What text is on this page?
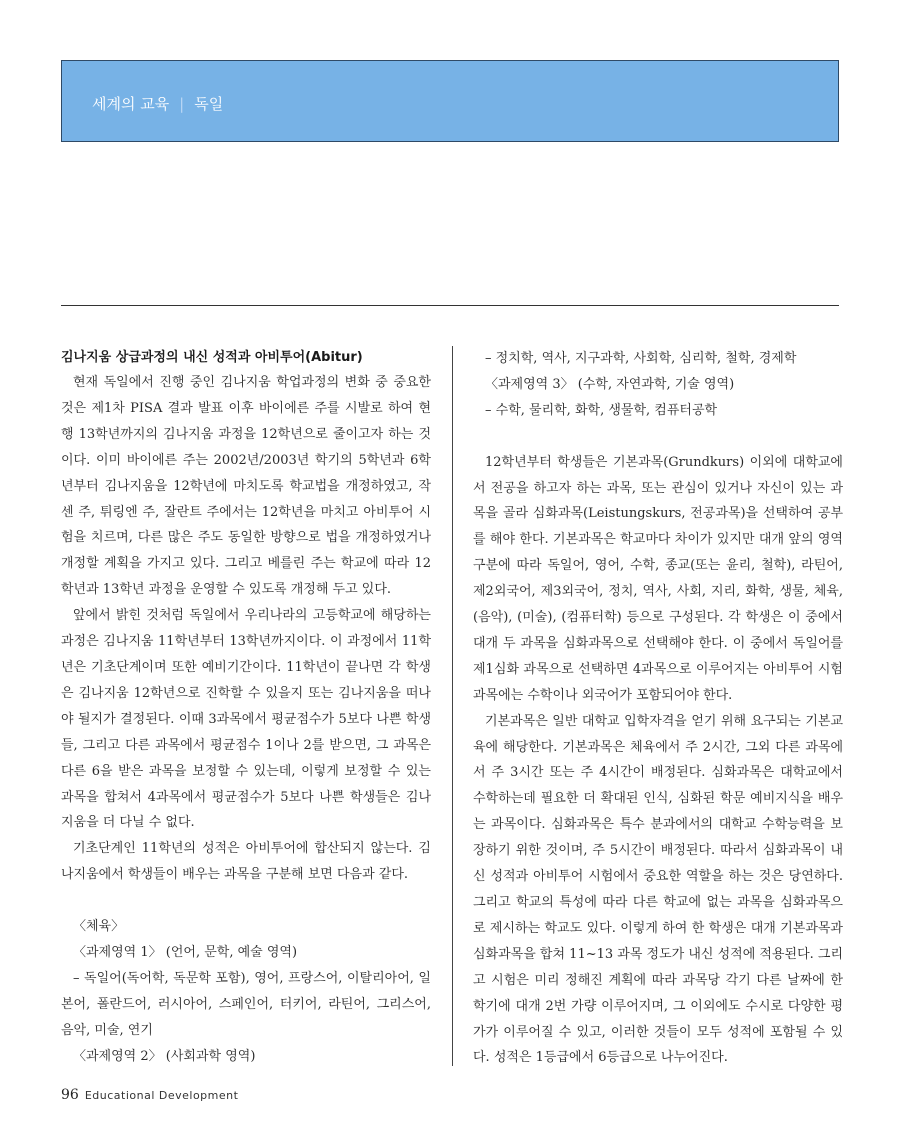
세계의 교육 | 독일
김나지움 상급과정의 내신 성적과 아비투어(Abitur)

현재 독일에서 진행 중인 김나지움 학업과정의 변화 중 중요한 것은 제1차 PISA 결과 발표 이후 바이에른 주를 시발로 하여 현행 13학년까지의 김나지움 과정을 12학년으로 줄이고자 하는 것이다. 이미 바이에른 주는 2002년/2003년 학기의 5학년과 6학년부터 김나지움을 12학년에 마치도록 학교법을 개정하였고, 작센 주, 튀링엔 주, 잘란트 주에서는 12학년을 마치고 아비투어 시험을 치르며, 다른 많은 주도 동일한 방향으로 법을 개정하였거나 개정할 계획을 가지고 있다. 그리고 베를린 주는 학교에 따라 12학년과 13학년 과정을 운영할 수 있도록 개정해 두고 있다.

앞에서 밝힌 것처럼 독일에서 우리나라의 고등학교에 해당하는 과정은 김나지움 11학년부터 13학년까지이다. 이 과정에서 11학년은 기초단계이며 또한 예비기간이다. 11학년이 끝나면 각 학생은 김나지움 12학년으로 진학할 수 있을지 또는 김나지움을 떠나야 될지가 결정된다. 이때 3과목에서 평균점수가 5보다 나쁜 학생들, 그리고 다른 과목에서 평균점수 1이나 2를 받으면, 그 과목은 다른 6을 받은 과목을 보정할 수 있는데, 이렇게 보정할 수 있는 과목을 합쳐서 4과목에서 평균점수가 5보다 나쁜 학생들은 김나지움을 더 다닐 수 없다.

기초단계인 11학년의 성적은 아비투어에 합산되지 않는다. 김나지움에서 학생들이 배우는 과목을 구분해 보면 다음과 같다.

〈체육〉

〈과제영역 1〉 (언어, 문학, 예술 영역)

– 독일어(독어학, 독문학 포함), 영어, 프랑스어, 이탈리아어, 일본어, 폴란드어, 러시아어, 스페인어, 터키어, 라틴어, 그리스어, 음악, 미술, 연기

〈과제영역 2〉 (사회과학 영역)

– 정치학, 역사, 지구과학, 사회학, 심리학, 철학, 경제학

〈과제영역 3〉 (수학, 자연과학, 기술 영역)

– 수학, 물리학, 화학, 생물학, 컴퓨터공학

12학년부터 학생들은 기본과목(Grundkurs) 이외에 대학교에서 전공을 하고자 하는 과목, 또는 관심이 있거나 자신이 있는 과목을 골라 심화과목(Leistungskurs, 전공과목)을 선택하여 공부를 해야 한다. 기본과목은 학교마다 차이가 있지만 대개 앞의 영역 구분에 따라 독일어, 영어, 수학, 종교(또는 윤리, 철학), 라틴어, 제2외국어, 제3외국어, 정치, 역사, 사회, 지리, 화학, 생물, 체육, (음악), (미술), (컴퓨터학) 등으로 구성된다. 각 학생은 이 중에서 대개 두 과목을 심화과목으로 선택해야 한다. 이 중에서 독일어를 제1심화 과목으로 선택하면 4과목으로 이루어지는 아비투어 시험 과목에는 수학이나 외국어가 포함되어야 한다.

기본과목은 일반 대학교 입학자격을 얻기 위해 요구되는 기본교육에 해당한다. 기본과목은 체육에서 주 2시간, 그외 다른 과목에서 주 3시간 또는 주 4시간이 배정된다. 심화과목은 대학교에서 수학하는데 필요한 더 확대된 인식, 심화된 학문 예비지식을 배우는 과목이다. 심화과목은 특수 분과에서의 대학교 수학능력을 보장하기 위한 것이며, 주 5시간이 배정된다. 따라서 심화과목이 내신 성적과 아비투어 시험에서 중요한 역할을 하는 것은 당연하다. 그리고 학교의 특성에 따라 다른 학교에 없는 과목을 심화과목으로 제시하는 학교도 있다. 이렇게 하여 한 학생은 대개 기본과목과 심화과목을 합쳐 11~13 과목 정도가 내신 성적에 적용된다. 그리고 시험은 미리 정해진 계획에 따라 과목당 각기 다른 날짜에 한 학기에 대개 2번 가량 이루어지며, 그 이외에도 수시로 다양한 평가가 이루어질 수 있고, 이러한 것들이 모두 성적에 포함될 수 있다. 성적은 1등급에서 6등급으로 나누어진다.

96 Educational Development
